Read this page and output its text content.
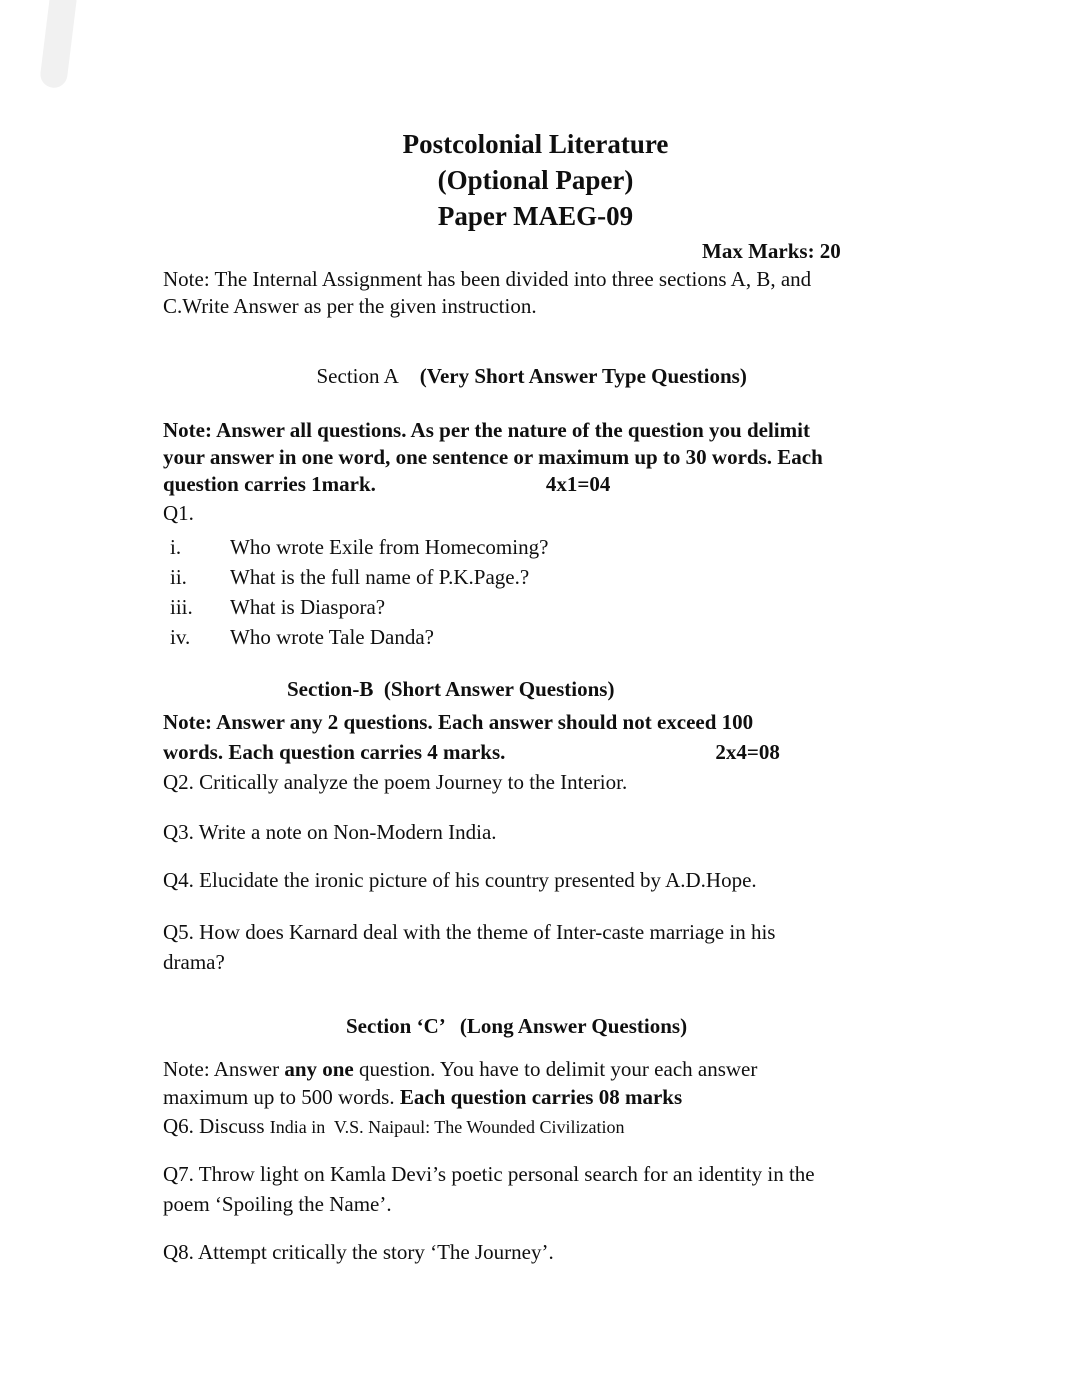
Postcolonial Literature
(Optional Paper)
Paper MAEG-09
Max Marks: 20
Note: The Internal Assignment has been divided into three sections A, B, and
C.Write Answer as per the given instruction.

Section A (Very Short Answer Type Questions)

Note: Answer all questions. As per the nature of the question you delimit
your answer in one word, one sentence or maximum up to 30 words. Each
question carries 1mark.	4x1=04
Q1.
i. Who wrote Exile from Homecoming?
ii. What is the full name of P.K.Page.?
iii. What is Diaspora?
iv. Who wrote Tale Danda?
Section-B  (Short Answer Questions)
Note: Answer any 2 questions. Each answer should not exceed 100
words. Each question carries 4 marks.	2x4=08
Q2. Critically analyze the poem Journey to the Interior.
Q3. Write a note on Non-Modern India.
Q4. Elucidate the ironic picture of his country presented by A.D.Hope.
Q5. How does Karnard deal with the theme of Inter-caste marriage in his
drama?
Section ‘C’   (Long Answer Questions)
Note: Answer any one question. You have to delimit your each answer
maximum up to 500 words. Each question carries 08 marks
Q6. Discuss India in  V.S. Naipaul: The Wounded Civilization
Q7. Throw light on Kamla Devi’s poetic personal search for an identity in the
poem ‘Spoiling the Name’.
Q8. Attempt critically the story ‘The Journey’.
